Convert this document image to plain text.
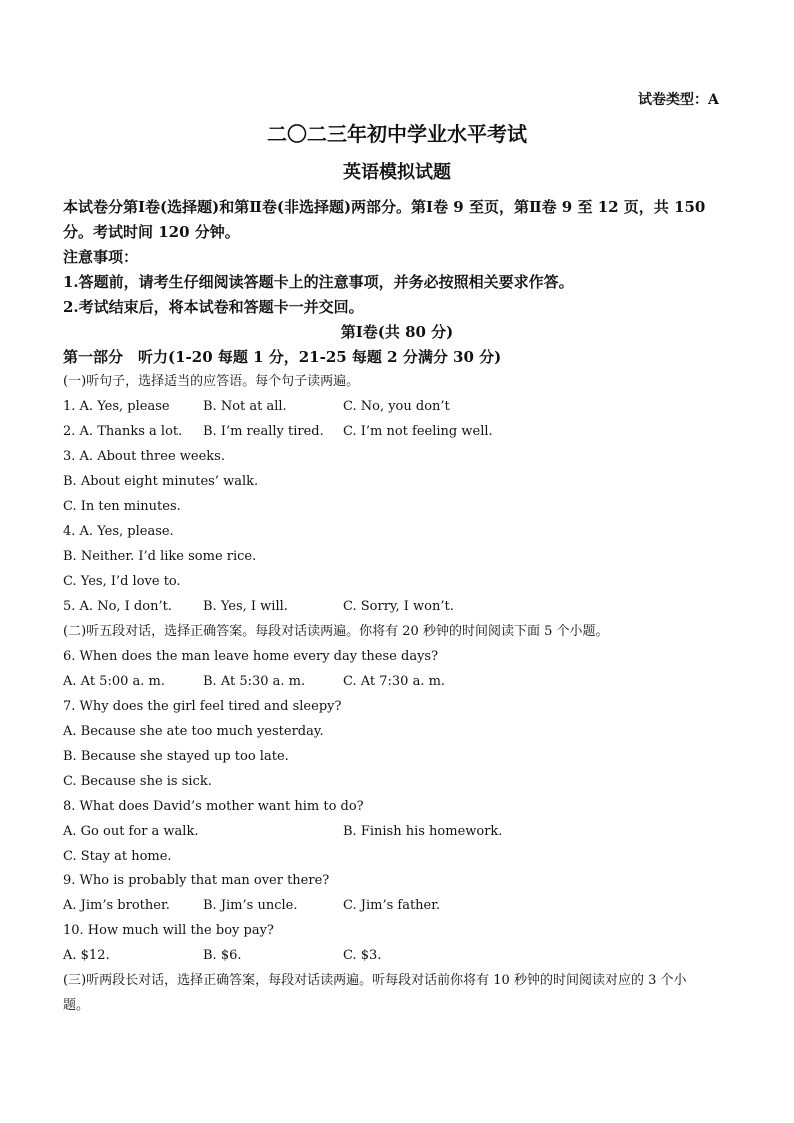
试卷类型：A
二〇二三年初中学业水平考试
英语模拟试题
本试卷分第Ⅰ卷(选择题)和第Ⅱ卷(非选择题)两部分。第Ⅰ卷 9 至页，第Ⅱ卷 9 至 12 页，共 150
分。考试时间 120 分钟。
注意事项：
1.答题前，请考生仔细阅读答题卡上的注意事项，并务必按照相关要求作答。
2.考试结束后，将本试卷和答题卡一并交回。
第Ⅰ卷(共 80 分)
第一部分　听力(1-20 每题 1 分，21-25 每题 2 分满分 30 分)
(一)听句子，选择适当的应答语。每个句子读两遍。
1. A. Yes, please	B. Not at all.	C. No, you don’t
2. A. Thanks a lot. B. I’m really tired. C. I’m not feeling well.
3. A. About three weeks.
B. About eight minutes’ walk.
C. In ten minutes.
4. A. Yes, please.
B. Neither. I’d like some rice.
C. Yes, I’d love to.
5. A. No, I don’t. B. Yes, I will.	C. Sorry, I won’t.
(二)听五段对话，选择正确答案。每段对话读两遍。你将有 20 秒钟的时间阅读下面 5 个小题。
6. When does the man leave home every day these days?
A. At 5:00 a. m.	B. At 5:30 a. m.	C. At 7:30 a. m.
7. Why does the girl feel tired and sleepy?
A. Because she ate too much yesterday.
B. Because she stayed up too late.
C. Because she is sick.
8. What does David’s mother want him to do?
A. Go out for a walk.	B. Finish his homework.
C. Stay at home.
9. Who is probably that man over there?
A. Jim’s brother.	B. Jim’s uncle.	C. Jim’s father.
10. How much will the boy pay?
A. $12.	B. $6.	C. $3.
(三)听两段长对话，选择正确答案，每段对话读两遍。听每段对话前你将有 10 秒钟的时间阅读对应的 3 个小
题。
